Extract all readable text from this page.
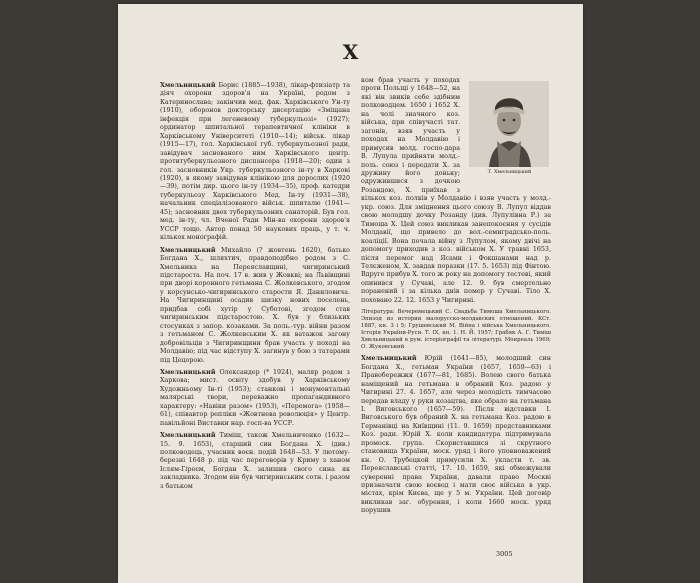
Х

Хмельницький Борис (1885—1938), лікар-фтизіатр та діяч охорони здоров'я на Україні, родом з Катеринослава; закінчив мед. фак. Харківського Ун-ту (1910), оборонов докторську дисертацію «Зміщана інфекція при легеневому туберкульозі» (1927); ординатор шпитальної терапевтичної клініки в Харківському Університеті (1910—14); військ. лікар (1915—17), гол. Харківської губ. туберкульозної ради, завідувач заснованого ним Харківського центр. протитуберкульозного диспансера (1918—20); один з гол. засновників Укр. туберкульозного ін-ту в Харкові (1920), в якому завідував клінікою для дорослих (1920—39), потім дир. цього ін-ту (1934—35), проф. катедри туберкульозу Харківського Мед. Ін-ту (1931—38), начальник спеціалізованого військ. шпиталю (1941—45); засновник двох туберкульозних санаторій. Був гол. мед. ін-ту, чл. Вченої Ради Мін-ва охорони здоров'я УССР тощо. Автор понад 50 наукових праць, у т. ч. кількох монографій.

Хмельницький Михайло (? жовтень 1620), батько Богдана Х., шляхтич, правдоподібно родом з С. Хмельника на Переяславщині, чигиринський підстароста. На поч. 17 в. жив у Жовкві; на Львівщині при дворі коронного гетьмана С. Жолкевського, згодом у корсунсько-чигиринського старости Я. Даниловича. На Чигиринщині осадив шизку нових поселень, придбав собі хутір у Суботові, згодом став чигиринським підстаростою. Х. був у близьких стосунках з запор. козаками. За поль.-тур. війни разом з гетьманом С. Жолкевським Х. як ватажок загону добровільців з Чигиринщини брав участь у поході на Молдавію; під час відступу Х. загинув у бою з татарами під Цецорою.

Хмельницький Олександер (* 1924), маляр родом з Харкова; мист. освіту здобув у Харківському Художньому Ін-ті (1953); станкові і монументальні малярські твори, переважно пропагандивного характеру: «Навіки разом» (1953), «Перемога» (1958—61), співавтор репліки «Жовтнева революція» у Центр. павільйоні Виставки нар. госп-ва УССР.

Хмельницький Тиміш, також Хмельниченко (1632—15. 9. 1653), старший син Богдана Х. (див.) полководець, учасник воєн. подій 1648—53. У лютому-березні 1648 р. під час переговорів у Криму з ханом Іслям-Гіреєм, Богдан Х. залишив свого сина як закладника. Згодом він був чигиринським сотн. і разом з батьком

Т. Хмельницький

ком брав участь у походах проти Польщі у 1648—52, на які він звиків себе здібним полководцем. 1650 і 1652 Х. на чолі значного коз. війська, при співучасті тат. загонів, взяв участь у походах на Молдавію і примусив молд. госпо-дара В. Лупула прийняти молд.-поль. союз і передати Х. за дружину його доньку; одружившися з дочкою Розандою, Х. приїхав з кількох коз. полків у Молдавію і взяв участь у молд.-укр. союз. Для зміцнення цього союзу В. Лупул віддав свою молодшу дочку Розанду (див. Лупулівна Р.) за Тимоша Х. Цей союз викликав занепокоєння у сусідів Молдавії, що привело до вол.-семиградсько-поль. коаліції. Вона почала війну з Лупулом, якому двічі на допомогу приходив з коз. військом Х. У травні 1653, після перемог над Ясами і Фокшанами над р. Телєженом, Х. завдав поразки (17. 5. 1653) під Фінтою. Вдруге прибув Х. того ж року на допомогу тестеві, який опинився у Сучаві, але 12. 9. був смертельно поранений і за кілька днів помер у Сучаві. Тіло Х. поховано 22. 12. 1653 у Чигирині.

Література: Вечеремецький С. Свадьба Тимоша Хмельницького. Эпизод из истории малорусско-молдавских отношений. КСт. 1887, кн. 3 і 5; Грушевський М. Війна і війська Хмельницького. Історія України-Руси. Т. IX, кн. 1. Н. Й. 1957; Грабяк А. Г. Тиміш Хмельницький в рум. історіографії та літературі. Монреаль 1969; О. Жуковський

Хмельницький Юрій (1641—85), молодший син Богдана Х., гетьман України (1657, 1659—63) і Правобережжя (1677—81, 1685). Волею свого батька наміщений на гетьмана в обраний Коз. радою у Чигирині 27. 4. 1657, але через молодість тимчасово передав владу у руки козацтва, яке обрало на гетьмана І. Виговського (1657—59). Після відставки І. Виговського був обраний Х. на гетьмана Коз. радою в Германівці на Київщині (11. 9. 1659) представниками Коз. ради. Юрій Х. коли кандидатура підтримувала промоск. група. Скориставшися зі скрутного становища України, моск. уряд і його уповноважений кн. О. Трубецкой примусили Х. укласти т. зв. Переяславські статті, 17. 10. 1659, які обмежували суверенні права України, давали право Москві призначати свою воєвод і мати своє війська в укр. містах, крім Києва, ще у 5 м. України. Цей договір викликав заг. обурення, і коли 1660 моск. уряд порушив

3005
